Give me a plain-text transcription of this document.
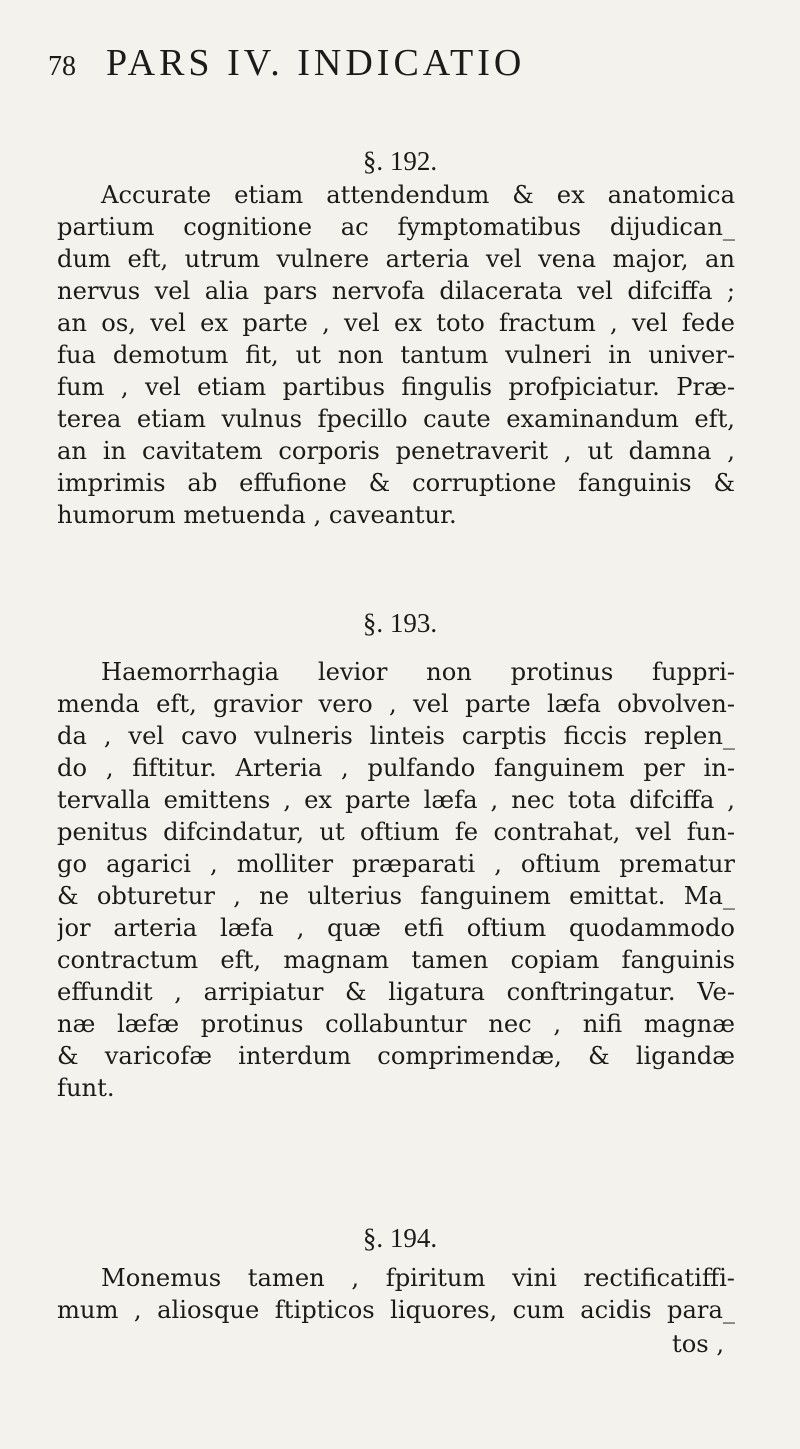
78 PARS IV. INDICATIO
§. 192.

Accurate etiam attendendum & ex anatomica
partium cognitione ac fymptomatibus dijudican_
dum eft, utrum vulnere arteria vel vena major, an
nervus vel alia pars nervofa dilacerata vel difciffa ;
an os, vel ex parte , vel ex toto fractum , vel fede
fua demotum fit, ut non tantum vulneri in univer-
fum , vel etiam partibus fingulis profpiciatur. Præ-
terea etiam vulnus fpecillo caute examinandum eft,
an in cavitatem corporis penetraverit , ut damna ,
imprimis ab effufione & corruptione fanguinis &
humorum metuenda , caveantur.

§. 193.

Haemorrhagia levior non protinus fuppri-
menda eft, gravior vero , vel parte læfa obvolven-
da , vel cavo vulneris linteis carptis ficcis replen_
do , fiftitur. Arteria , pulfando fanguinem per in-
tervalla emittens , ex parte læfa , nec tota difciffa ,
penitus difcindatur, ut oftium fe contrahat, vel fun-
go agarici , molliter præparati , oftium prematur
& obturetur , ne ulterius fanguinem emittat. Ma_
jor arteria læfa , quæ etfi oftium quodammodo
contractum eft, magnam tamen copiam fanguinis
effundit , arripiatur & ligatura conftringatur. Ve-
næ læfæ protinus collabuntur nec , nifi magnæ
& varicofæ interdum comprimendæ, & ligandæ
funt.

§. 194.

Monemus tamen , fpiritum vini rectificatiffi-
mum , aliosque ftipticos liquores, cum acidis para_

tos ,
